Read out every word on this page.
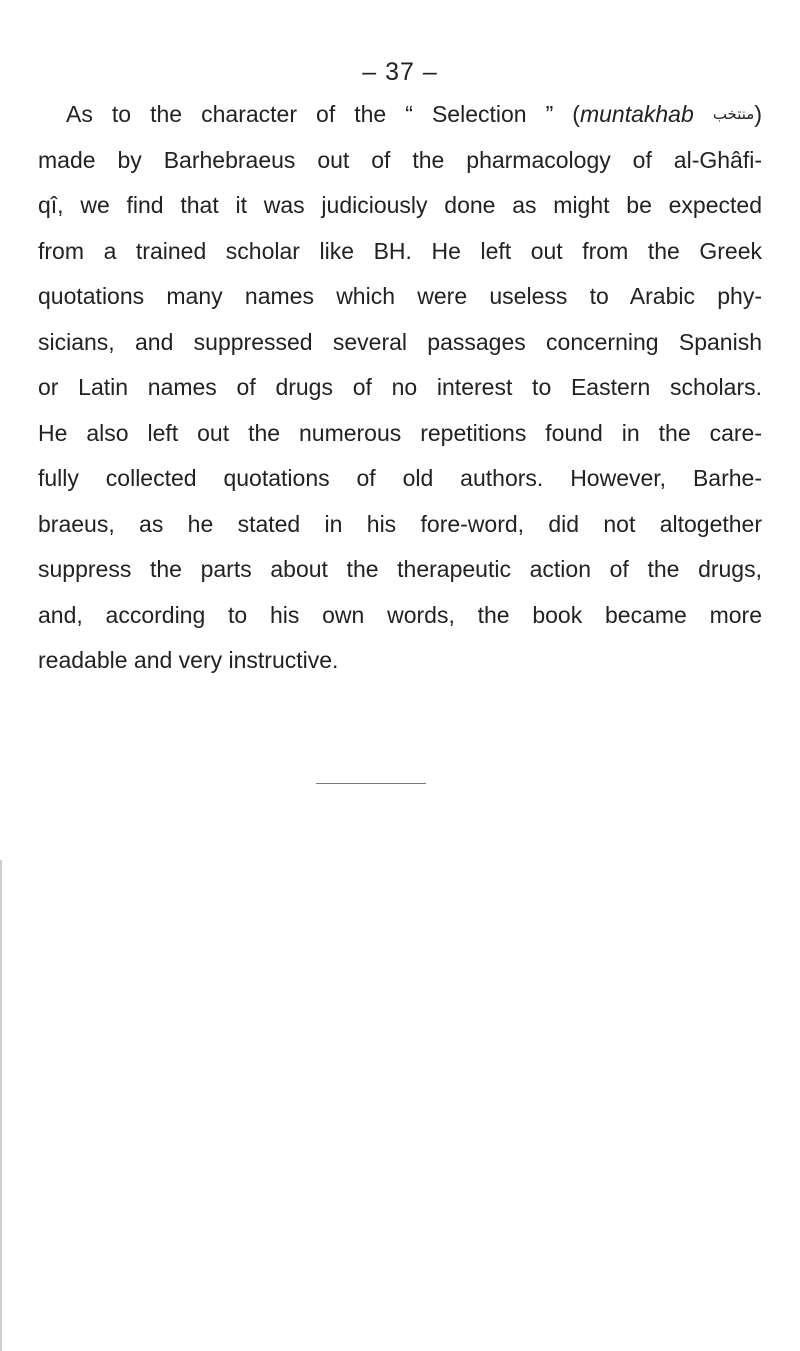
– 37 –
As to the character of the “ Selection ” (muntakhab منتخب)
made by Barhebraeus out of the pharmacology of al-Ghâfi-
qî, we find that it was judiciously done as might be expected
from a trained scholar like BH. He left out from the Greek
quotations many names which were useless to Arabic phy-
sicians, and suppressed several passages concerning Spanish
or Latin names of drugs of no interest to Eastern scholars.
He also left out the numerous repetitions found in the care-
fully collected quotations of old authors. However, Barhe-
braeus, as he stated in his fore-word, did not altogether
suppress the parts about the therapeutic action of the drugs,
and, according to his own words, the book became more
readable and very instructive.
